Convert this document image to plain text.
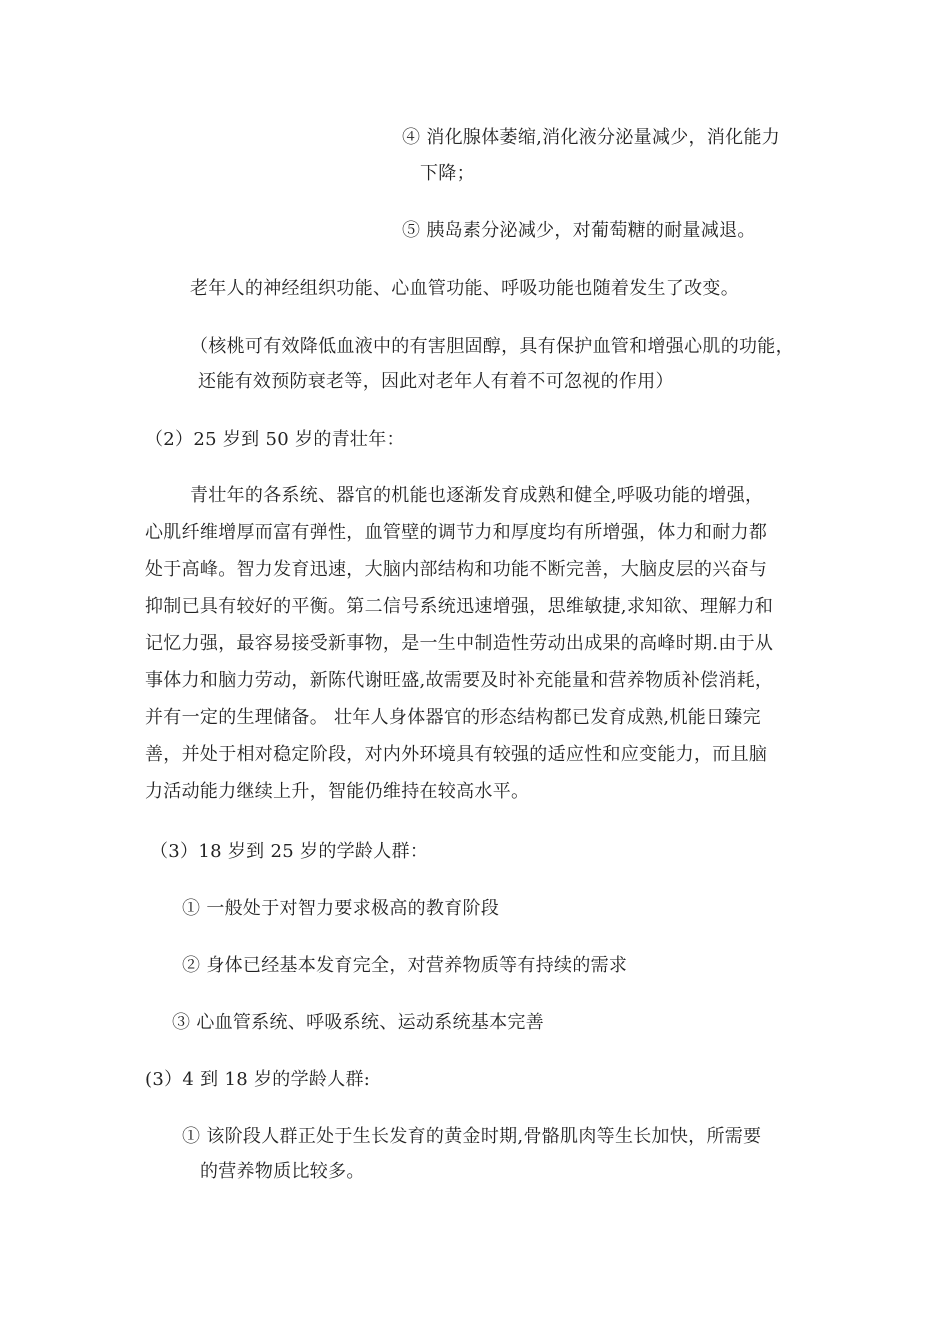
④ 消化腺体萎缩,消化液分泌量减少，消化能力
下降；
⑤ 胰岛素分泌减少，对葡萄糖的耐量减退。
老年人的神经组织功能、心血管功能、呼吸功能也随着发生了改变。
（核桃可有效降低血液中的有害胆固醇，具有保护血管和增强心肌的功能，
还能有效预防衰老等，因此对老年人有着不可忽视的作用）
（2）25 岁到 50 岁的青壮年：
青壮年的各系统、器官的机能也逐渐发育成熟和健全,呼吸功能的增强，
心肌纤维增厚而富有弹性，血管壁的调节力和厚度均有所增强，体力和耐力都
处于高峰。智力发育迅速，大脑内部结构和功能不断完善，大脑皮层的兴奋与
抑制已具有较好的平衡。第二信号系统迅速增强，思维敏捷,求知欲、理解力和
记忆力强，最容易接受新事物，是一生中制造性劳动出成果的高峰时期.由于从
事体力和脑力劳动，新陈代谢旺盛,故需要及时补充能量和营养物质补偿消耗，
并有一定的生理储备。 壮年人身体器官的形态结构都已发育成熟,机能日臻完
善，并处于相对稳定阶段，对内外环境具有较强的适应性和应变能力，而且脑
力活动能力继续上升，智能仍维持在较高水平。
（3）18 岁到 25 岁的学龄人群：
① 一般处于对智力要求极高的教育阶段
② 身体已经基本发育完全，对营养物质等有持续的需求
③ 心血管系统、呼吸系统、运动系统基本完善
(3）4 到 18 岁的学龄人群:
① 该阶段人群正处于生长发育的黄金时期,骨骼肌肉等生长加快，所需要
的营养物质比较多。
